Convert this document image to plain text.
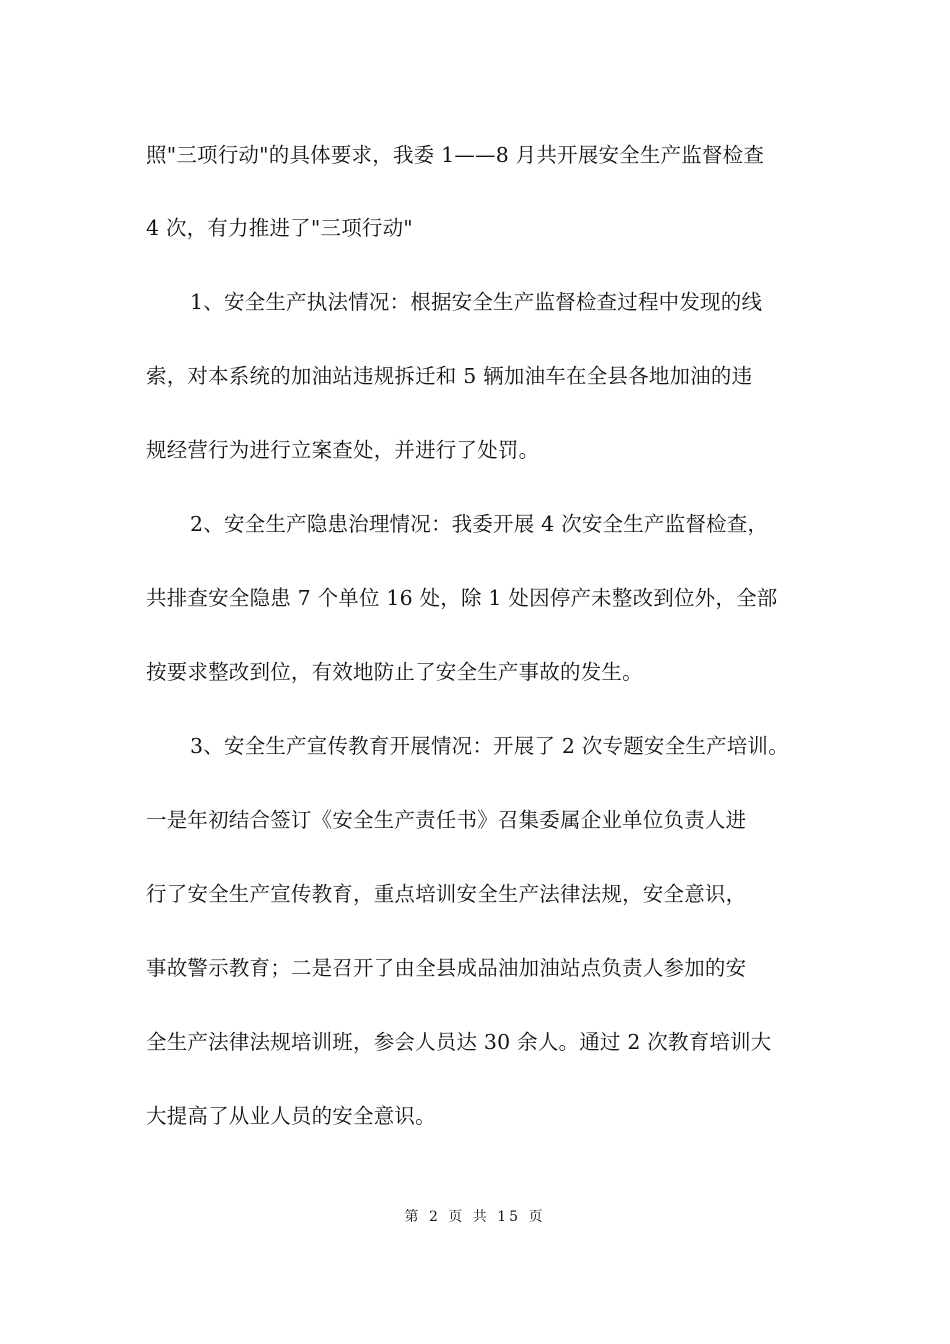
照"三项行动"的具体要求，我委 1——8 月共开展安全生产监督检查
4 次，有力推进了"三项行动"
1、安全生产执法情况：根据安全生产监督检查过程中发现的线
索，对本系统的加油站违规拆迁和 5 辆加油车在全县各地加油的违
规经营行为进行立案查处，并进行了处罚。
2、安全生产隐患治理情况：我委开展 4 次安全生产监督检查，
共排查安全隐患 7 个单位 16 处，除 1 处因停产未整改到位外，全部
按要求整改到位，有效地防止了安全生产事故的发生。
3、安全生产宣传教育开展情况：开展了 2 次专题安全生产培训。
一是年初结合签订《安全生产责任书》召集委属企业单位负责人进
行了安全生产宣传教育，重点培训安全生产法律法规，安全意识，
事故警示教育；二是召开了由全县成品油加油站点负责人参加的安
全生产法律法规培训班，参会人员达 30 余人。通过 2 次教育培训大
大提高了从业人员的安全意识。
第 2 页 共 15 页
